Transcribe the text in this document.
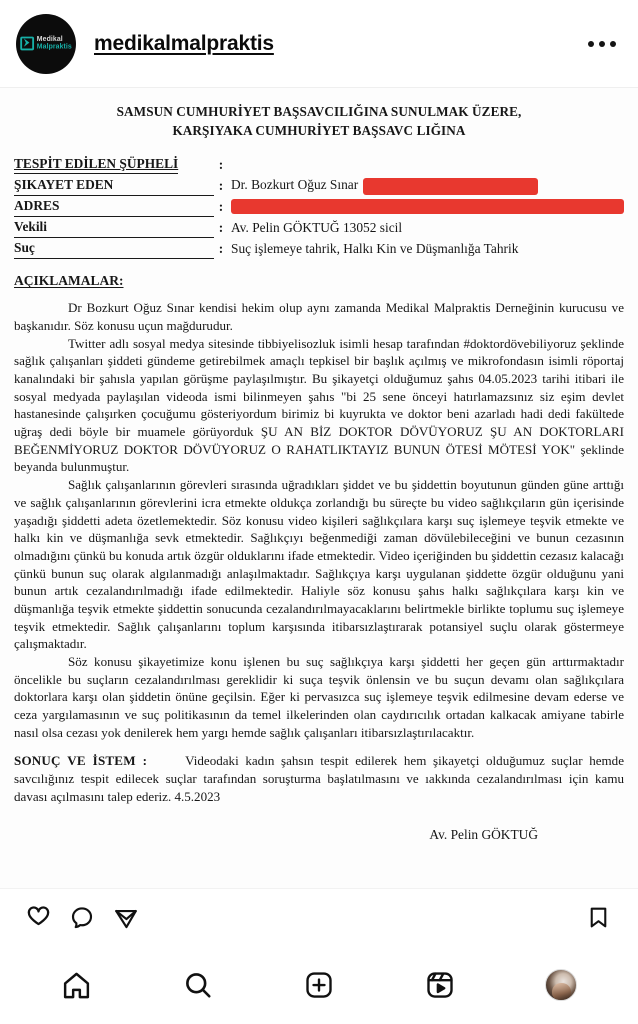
Medikal
Malpraktis medikalmalpraktis
SAMSUN CUMHURİYET BAŞSAVCILIĞINA SUNULMAK ÜZERE,
KARŞIYAKA CUMHURİYET BAŞSAVC LIĞINA
TESPİT EDİLEN ŞÜPHELİ	:	
ŞIKAYET EDEN	:	Dr. Bozkurt Oğuz Sınar
ADRES	:	

Vekili	:	Av. Pelin GÖKTUĞ 13052 sicil
Suç	:	Suç işlemeye tahrik, Halkı Kin ve Düşmanlığa Tahrik
AÇIKLAMALAR:

Dr Bozkurt Oğuz Sınar kendisi hekim olup aynı zamanda Medikal Malpraktis Derneğinin kurucusu ve başkanıdır. Söz konusu uçun mağdurudur.

Twitter adlı sosyal medya sitesinde tibbiyelisozluk isimli hesap tarafından #doktordövebiliyoruz şeklinde sağlık çalışanları şiddeti gündeme getirebilmek amaçlı tepkisel bir başlık açılmış ve mikrofondasın isimli röportaj kanalındaki bir şahısla yapılan görüşme paylaşılmıştır. Bu şikayetçi olduğumuz şahıs 04.05.2023 tarihi itibari ile sosyal medyada paylaşılan videoda ismi bilinmeyen şahıs "bi 25 sene önceyi hatırlamazsınız siz eşim devlet hastanesinde çalışırken çocuğumu gösteriyordum birimiz bi kuyrukta ve doktor beni azarladı hadi dedi fakültede uğraş dedi böyle bir muamele görüyorduk ŞU AN BİZ DOKTOR DÖVÜYORUZ ŞU AN DOKTORLARI BEĞENMİYORUZ DOKTOR DÖVÜYORUZ O RAHATLIKTAYIZ BUNUN ÖTESİ MÖTESİ YOK" şeklinde beyanda bulunmuştur.

Sağlık çalışanlarının görevleri sırasında uğradıkları şiddet ve bu şiddettin boyutunun günden güne arttığı ve sağlık çalışanlarının görevlerini icra etmekte oldukça zorlandığı bu süreçte bu video sağlıkçıların gün içerisinde yaşadığı şiddetti adeta özetlemektedir. Söz konusu video kişileri sağlıkçılara karşı suç işlemeye teşvik etmekte ve halkı kin ve düşmanlığa sevk etmektedir. Sağlıkçıyı beğenmediği zaman dövülebileceğini ve bunun cezasının olmadığını çünkü bu konuda artık özgür olduklarını ifade etmektedir. Video içeriğinden bu şiddettin cezasız kalacağı çünkü bunun suç olarak algılanmadığı anlaşılmaktadır. Sağlıkçıya karşı uygulanan şiddette özgür olduğunu yani bunun artık cezalandırılmadığı ifade edilmektedir. Haliyle söz konusu şahıs halkı sağlıkçılara karşı kin ve düşmanlığa teşvik etmekte şiddettin sonucunda cezalandırılmayacaklarını belirtmekle birlikte toplumu suç işlemeye teşvik etmektedir. Sağlık çalışanlarını toplum karşısında itibarsızlaştırarak potansiyel suçlu olarak göstermeye çalışmaktadır.

Söz konusu şikayetimize konu işlenen bu suç sağlıkçıya karşı şiddetti her geçen gün arttırmaktadır öncelikle bu suçların cezalandırılması gereklidir ki suça teşvik önlensin ve bu suçun devamı olan sağlıkçılara doktorlara karşı olan şiddetin önüne geçilsin. Eğer ki pervasızca suç işlemeye teşvik edilmesine devam ederse ve ceza yargılamasının ve suç politikasının da temel ilkelerinden olan caydırıcılık ortadan kalkacak amiyane tabirle nasıl olsa cezası yok denilerek hem yargı hemde sağlık çalışanları itibarsızlaştırılacaktır.

SONUÇ VE İSTEM :	Videodaki kadın şahsın tespit edilerek hem şikayetçi olduğumuz suçlar hemde savcılığınız tespit edilecek suçlar tarafından soruşturma başlatılmasını ve ıakkında cezalandırılması için kamu davası açılmasını talep ederiz. 4.5.2023

Av. Pelin GÖKTUĞ
